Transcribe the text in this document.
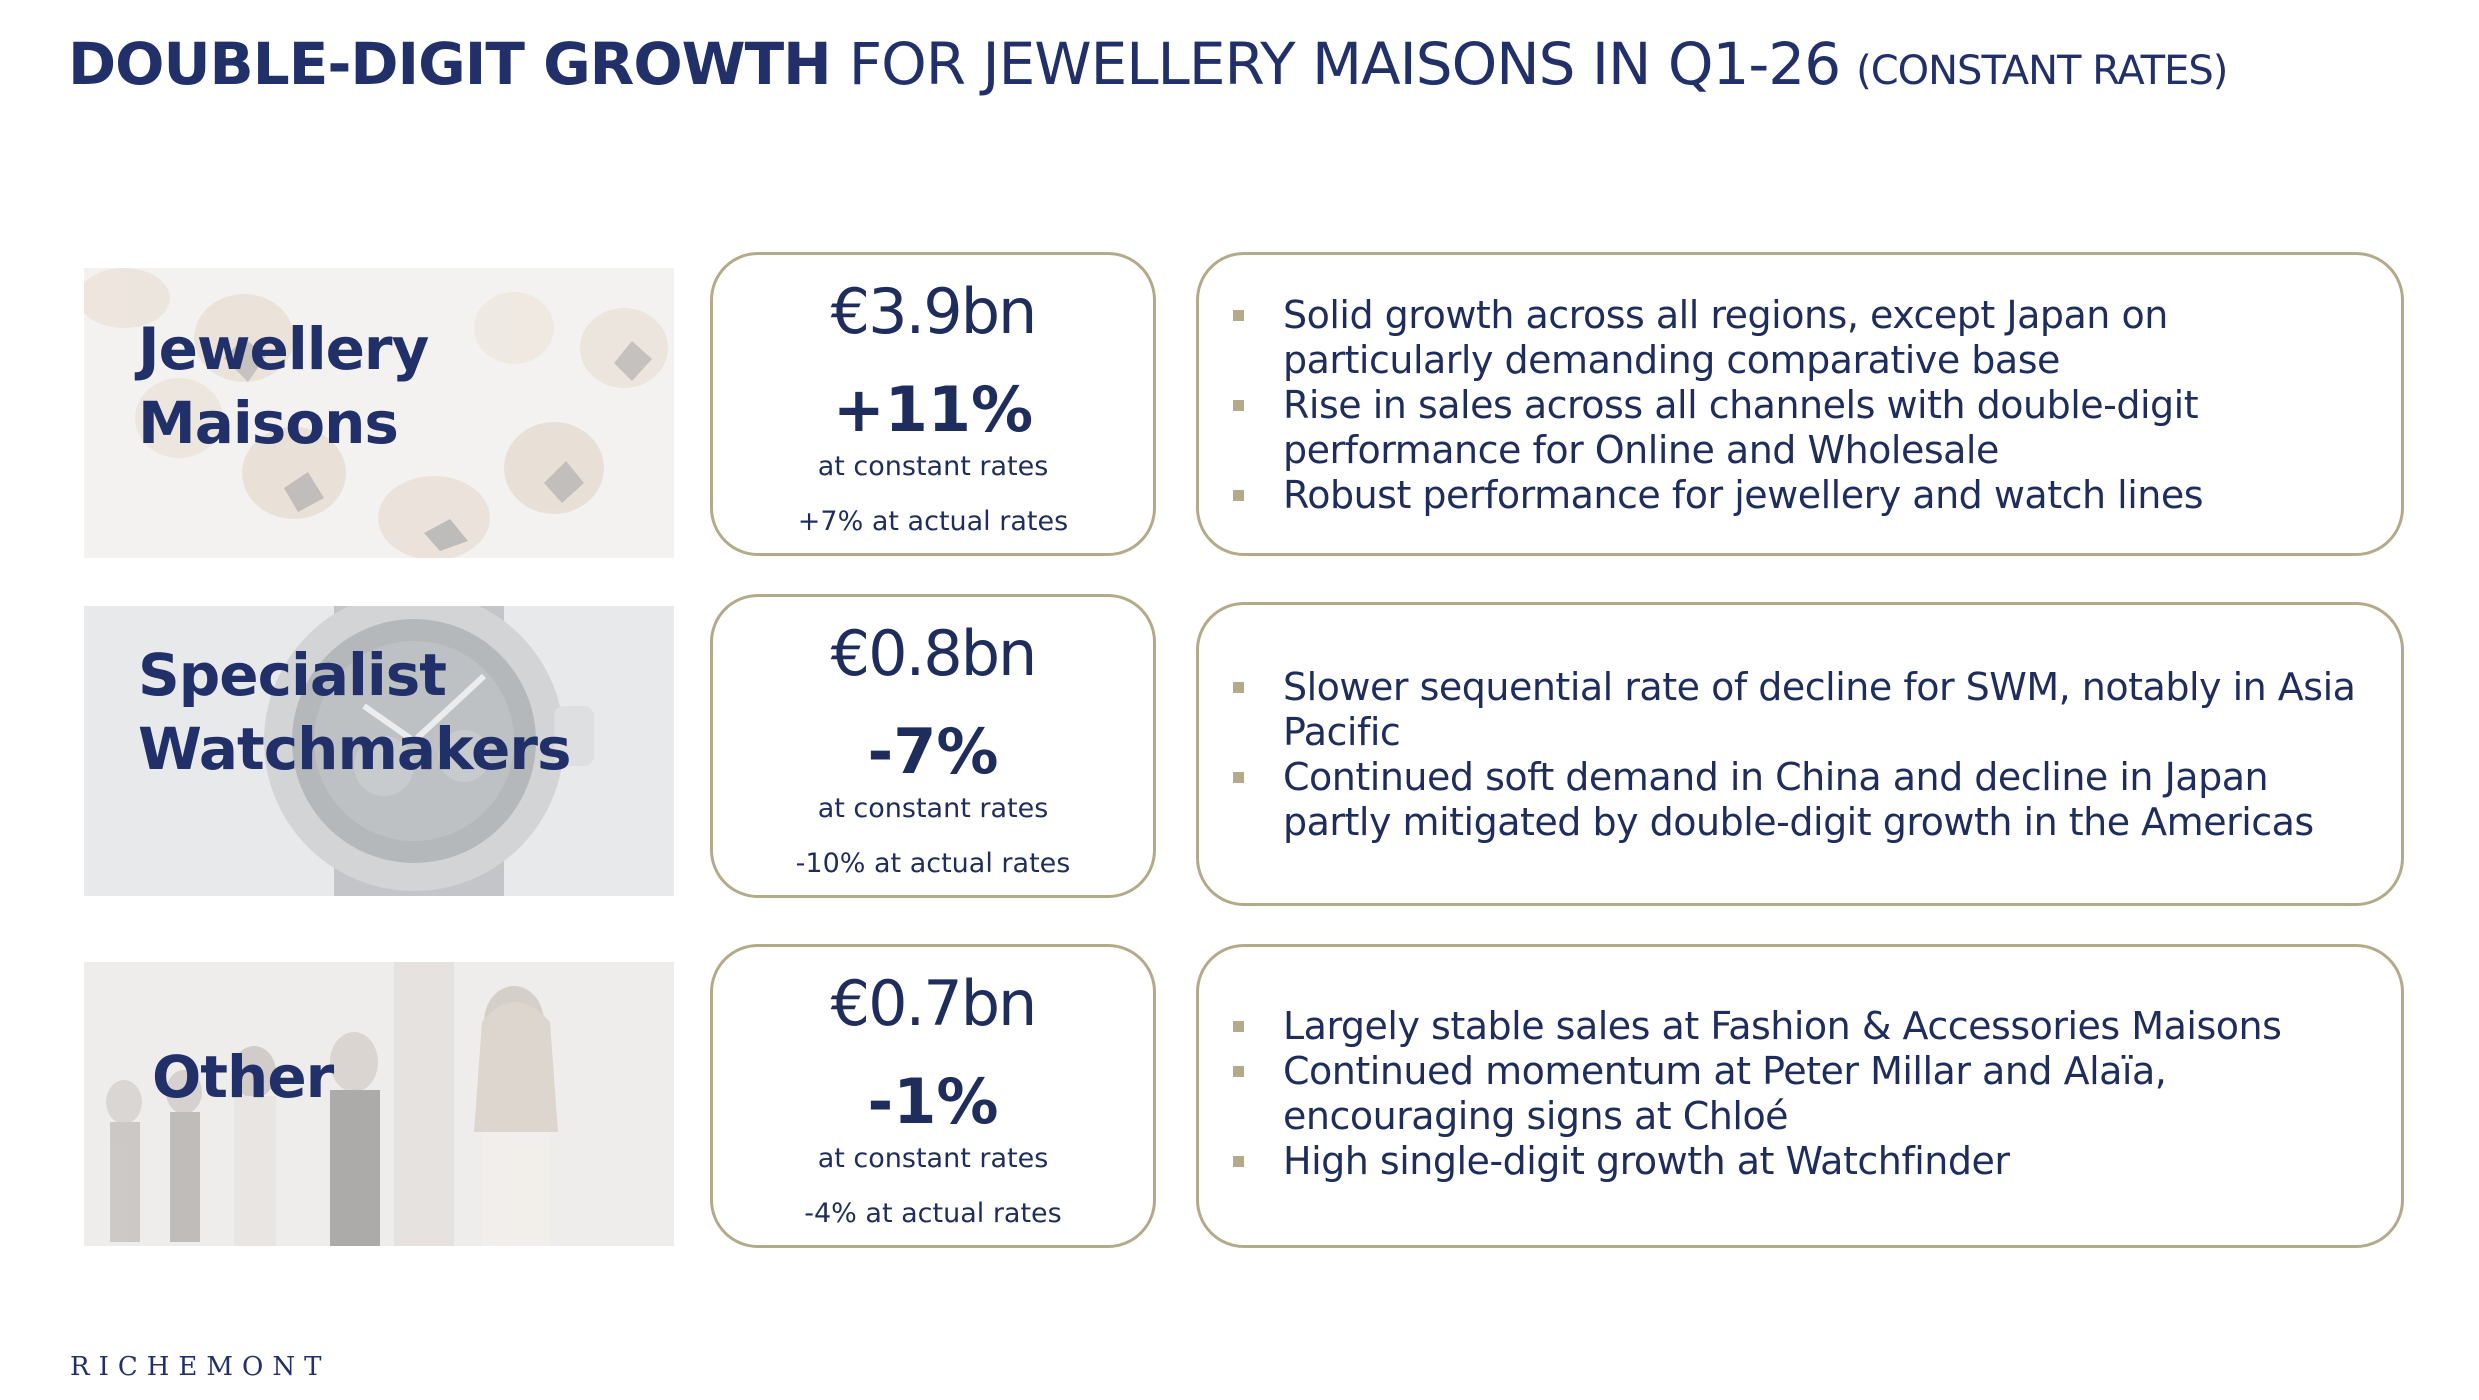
DOUBLE-DIGIT GROWTH FOR JEWELLERY MAISONS IN Q1-26 (CONSTANT RATES)
Jewellery
Maisons
€3.9bn
+11%
at constant rates
+7% at actual rates
Solid growth across all regions, except Japan on particularly demanding comparative base
Rise in sales across all channels with double-digit performance for Online and Wholesale
Robust performance for jewellery and watch lines
Specialist
Watchmakers
€0.8bn
-7%
at constant rates
-10% at actual rates
Slower sequential rate of decline for SWM, notably in Asia Pacific
Continued soft demand in China and decline in Japan partly mitigated by double-digit growth in the Americas
Other
€0.7bn
-1%
at constant rates
-4% at actual rates
Largely stable sales at Fashion & Accessories Maisons
Continued momentum at Peter Millar and Alaïa, encouraging signs at Chloé
High single-digit growth at Watchfinder
RICHEMONT
